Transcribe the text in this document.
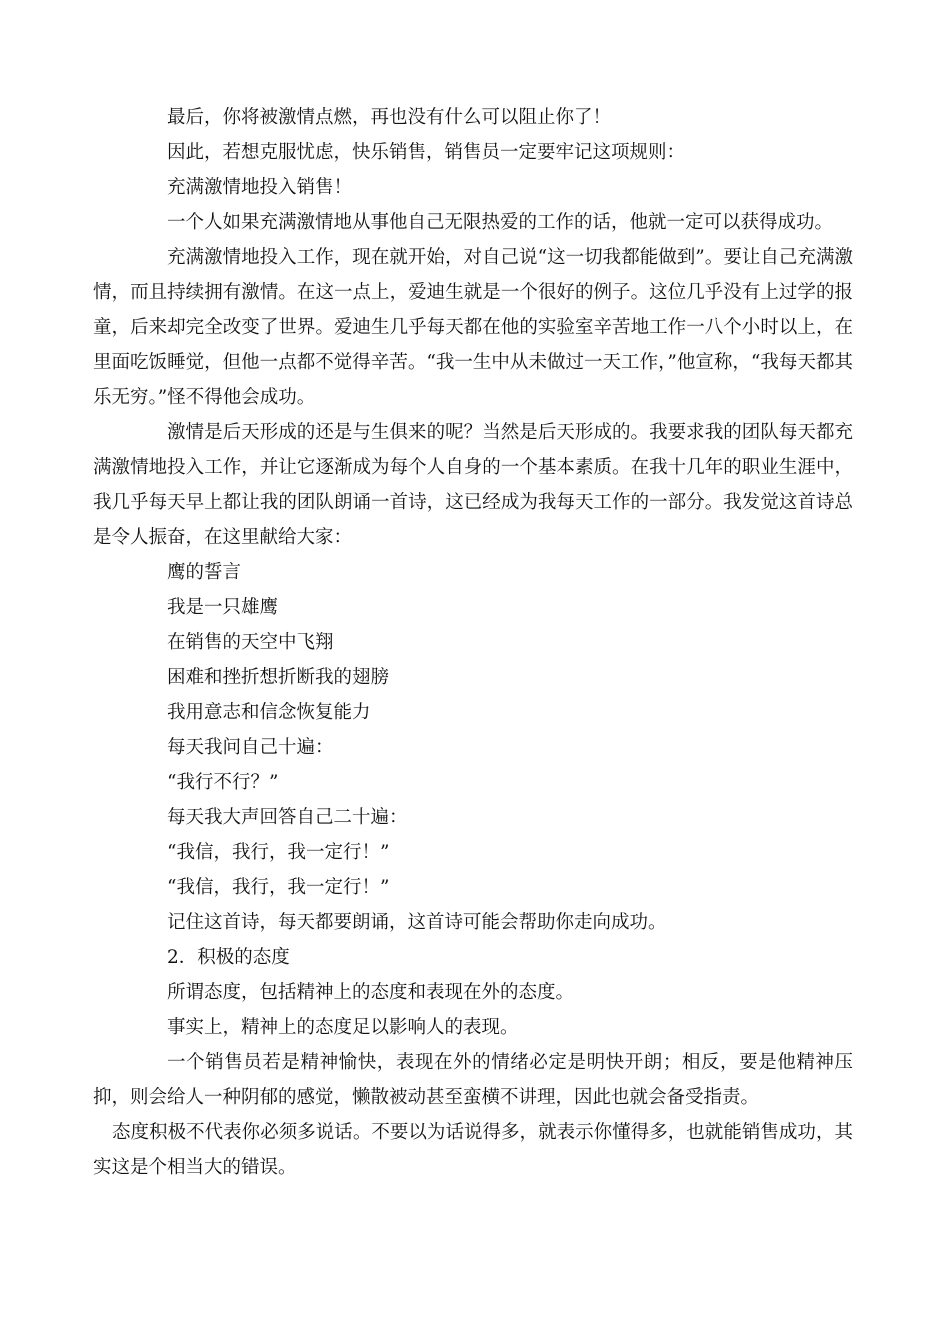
最后，你将被激情点燃，再也没有什么可以阻止你了！

因此，若想克服忧虑，快乐销售，销售员一定要牢记这项规则：

充满激情地投入销售！

一个人如果充满激情地从事他自己无限热爱的工作的话，他就一定可以获得成功。

充满激情地投入工作，现在就开始，对自己说“这一切我都能做到”。要让自己充满激情，而且持续拥有激情。在这一点上，爱迪生就是一个很好的例子。这位几乎没有上过学的报童，后来却完全改变了世界。爱迪生几乎每天都在他的实验室辛苦地工作一八个小时以上，在里面吃饭睡觉，但他一点都不觉得辛苦。“我一生中从未做过一天工作，”他宣称，“我每天都其乐无穷。”怪不得他会成功。

激情是后天形成的还是与生俱来的呢？当然是后天形成的。我要求我的团队每天都充满激情地投入工作，并让它逐渐成为每个人自身的一个基本素质。在我十几年的职业生涯中，我几乎每天早上都让我的团队朗诵一首诗，这已经成为我每天工作的一部分。我发觉这首诗总是令人振奋，在这里献给大家：

鹰的誓言

我是一只雄鹰

在销售的天空中飞翔

困难和挫折想折断我的翅膀

我用意志和信念恢复能力

每天我问自己十遍：

“我行不行？”

每天我大声回答自己二十遍：

“我信，我行，我一定行！”

“我信，我行，我一定行！”

记住这首诗，每天都要朗诵，这首诗可能会帮助你走向成功。

2．积极的态度

所谓态度，包括精神上的态度和表现在外的态度。

事实上，精神上的态度足以影响人的表现。

一个销售员若是精神愉快，表现在外的情绪必定是明快开朗；相反，要是他精神压抑，则会给人一种阴郁的感觉，懒散被动甚至蛮横不讲理，因此也就会备受指责。

态度积极不代表你必须多说话。不要以为话说得多，就表示你懂得多，也就能销售成功，其实这是个相当大的错误。
